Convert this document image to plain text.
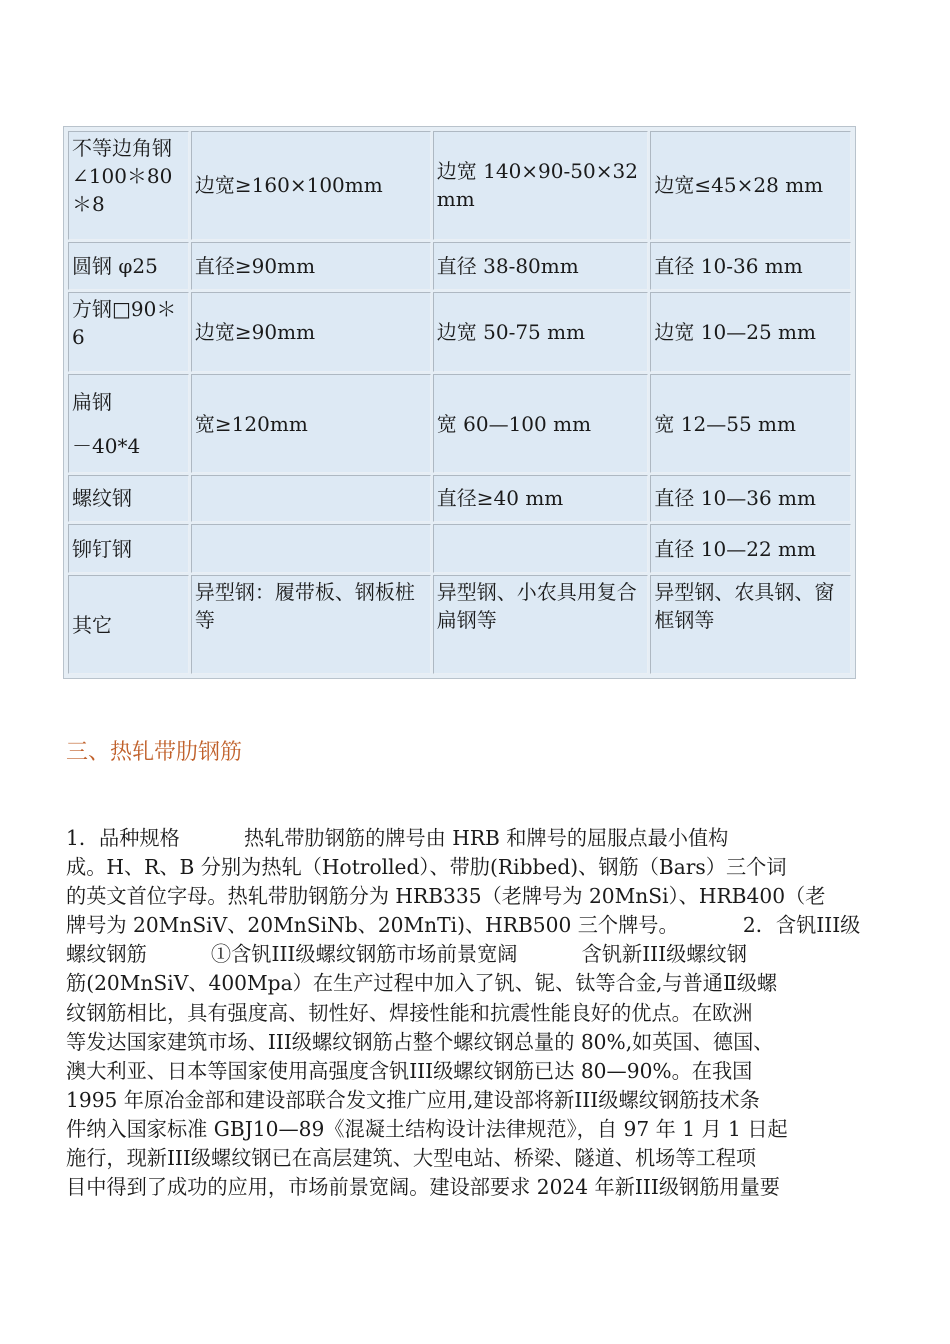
不等边角钢∠100＊80＊8	边宽≥160×100mm	边宽 140×90-50×32 mm	边宽≤45×28 mm
圆钢 φ25	直径≥90mm	直径 38-80mm	直径 10-36 mm
方钢□90＊6	边宽≥90mm	边宽 50-75 mm	边宽 10—25 mm

扁钢
－40*4	宽≥120mm	宽 60—100 mm	宽 12—55 mm
螺纹钢		直径≥40 mm	直径 10—36 mm
铆钉钢			直径 10—22 mm
其它	异型钢：履带板、钢板桩等	异型钢、小农具用复合扁钢等	异型钢、农具钢、窗框钢等
三、热轧带肋钢筋
1．品种规格          热轧带肋钢筋的牌号由 HRB 和牌号的屈服点最小值构
成。H、R、B 分别为热轧（Hotrolled）、带肋(Ribbed)、钢筋（Bars）三个词
的英文首位字母。热轧带肋钢筋分为 HRB335（老牌号为 20MnSi）、HRB400（老
牌号为 20MnSiV、20MnSiNb、20MnTi)、HRB500 三个牌号。          2．含钒III级
螺纹钢筋          ①含钒III级螺纹钢筋市场前景宽阔          含钒新III级螺纹钢
筋(20MnSiV、400Mpa）在生产过程中加入了钒、铌、钛等合金,与普通Ⅱ级螺
纹钢筋相比，具有强度高、韧性好、焊接性能和抗震性能良好的优点。在欧洲
等发达国家建筑市场、III级螺纹钢筋占整个螺纹钢总量的 80%,如英国、德国、
澳大利亚、日本等国家使用高强度含钒III级螺纹钢筋已达 80—90%。在我国
1995 年原冶金部和建设部联合发文推广应用,建设部将新III级螺纹钢筋技术条
件纳入国家标准 GBJ10—89《混凝土结构设计法律规范》，自 97 年 1 月 1 日起
施行，现新III级螺纹钢已在高层建筑、大型电站、桥梁、隧道、机场等工程项
目中得到了成功的应用，市场前景宽阔。建设部要求 2024 年新III级钢筋用量要
